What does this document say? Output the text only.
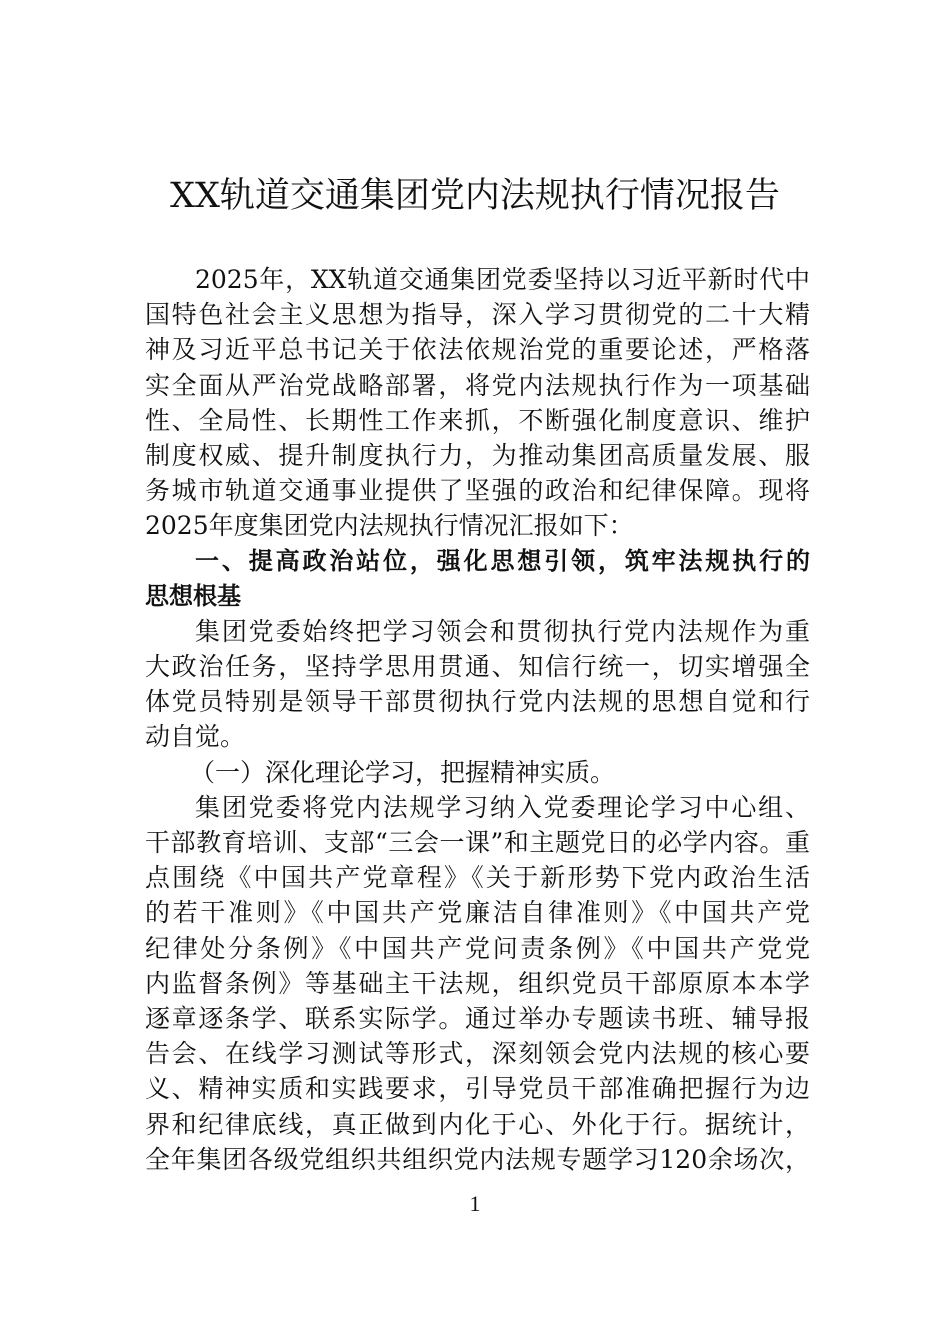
XX轨道交通集团党内法规执行情况报告
2025年，XX轨道交通集团党委坚持以习近平新时代中
国特色社会主义思想为指导，深入学习贯彻党的二十大精
神及习近平总书记关于依法依规治党的重要论述，严格落
实全面从严治党战略部署，将党内法规执行作为一项基础
性、全局性、长期性工作来抓，不断强化制度意识、维护
制度权威、提升制度执行力，为推动集团高质量发展、服
务城市轨道交通事业提供了坚强的政治和纪律保障。现将
2025年度集团党内法规执行情况汇报如下：
一、提高政治站位，强化思想引领，筑牢法规执行的
思想根基
集团党委始终把学习领会和贯彻执行党内法规作为重
大政治任务，坚持学思用贯通、知信行统一，切实增强全
体党员特别是领导干部贯彻执行党内法规的思想自觉和行
动自觉。
（一）深化理论学习，把握精神实质。
集团党委将党内法规学习纳入党委理论学习中心组、
干部教育培训、支部“三会一课”和主题党日的必学内容。重
点围绕《中国共产党章程》《关于新形势下党内政治生活
的若干准则》《中国共产党廉洁自律准则》《中国共产党
纪律处分条例》《中国共产党问责条例》《中国共产党党
内监督条例》等基础主干法规，组织党员干部原原本本学
逐章逐条学、联系实际学。通过举办专题读书班、辅导报
告会、在线学习测试等形式，深刻领会党内法规的核心要
义、精神实质和实践要求，引导党员干部准确把握行为边
界和纪律底线，真正做到内化于心、外化于行。据统计，
全年集团各级党组织共组织党内法规专题学习120余场次，
1
